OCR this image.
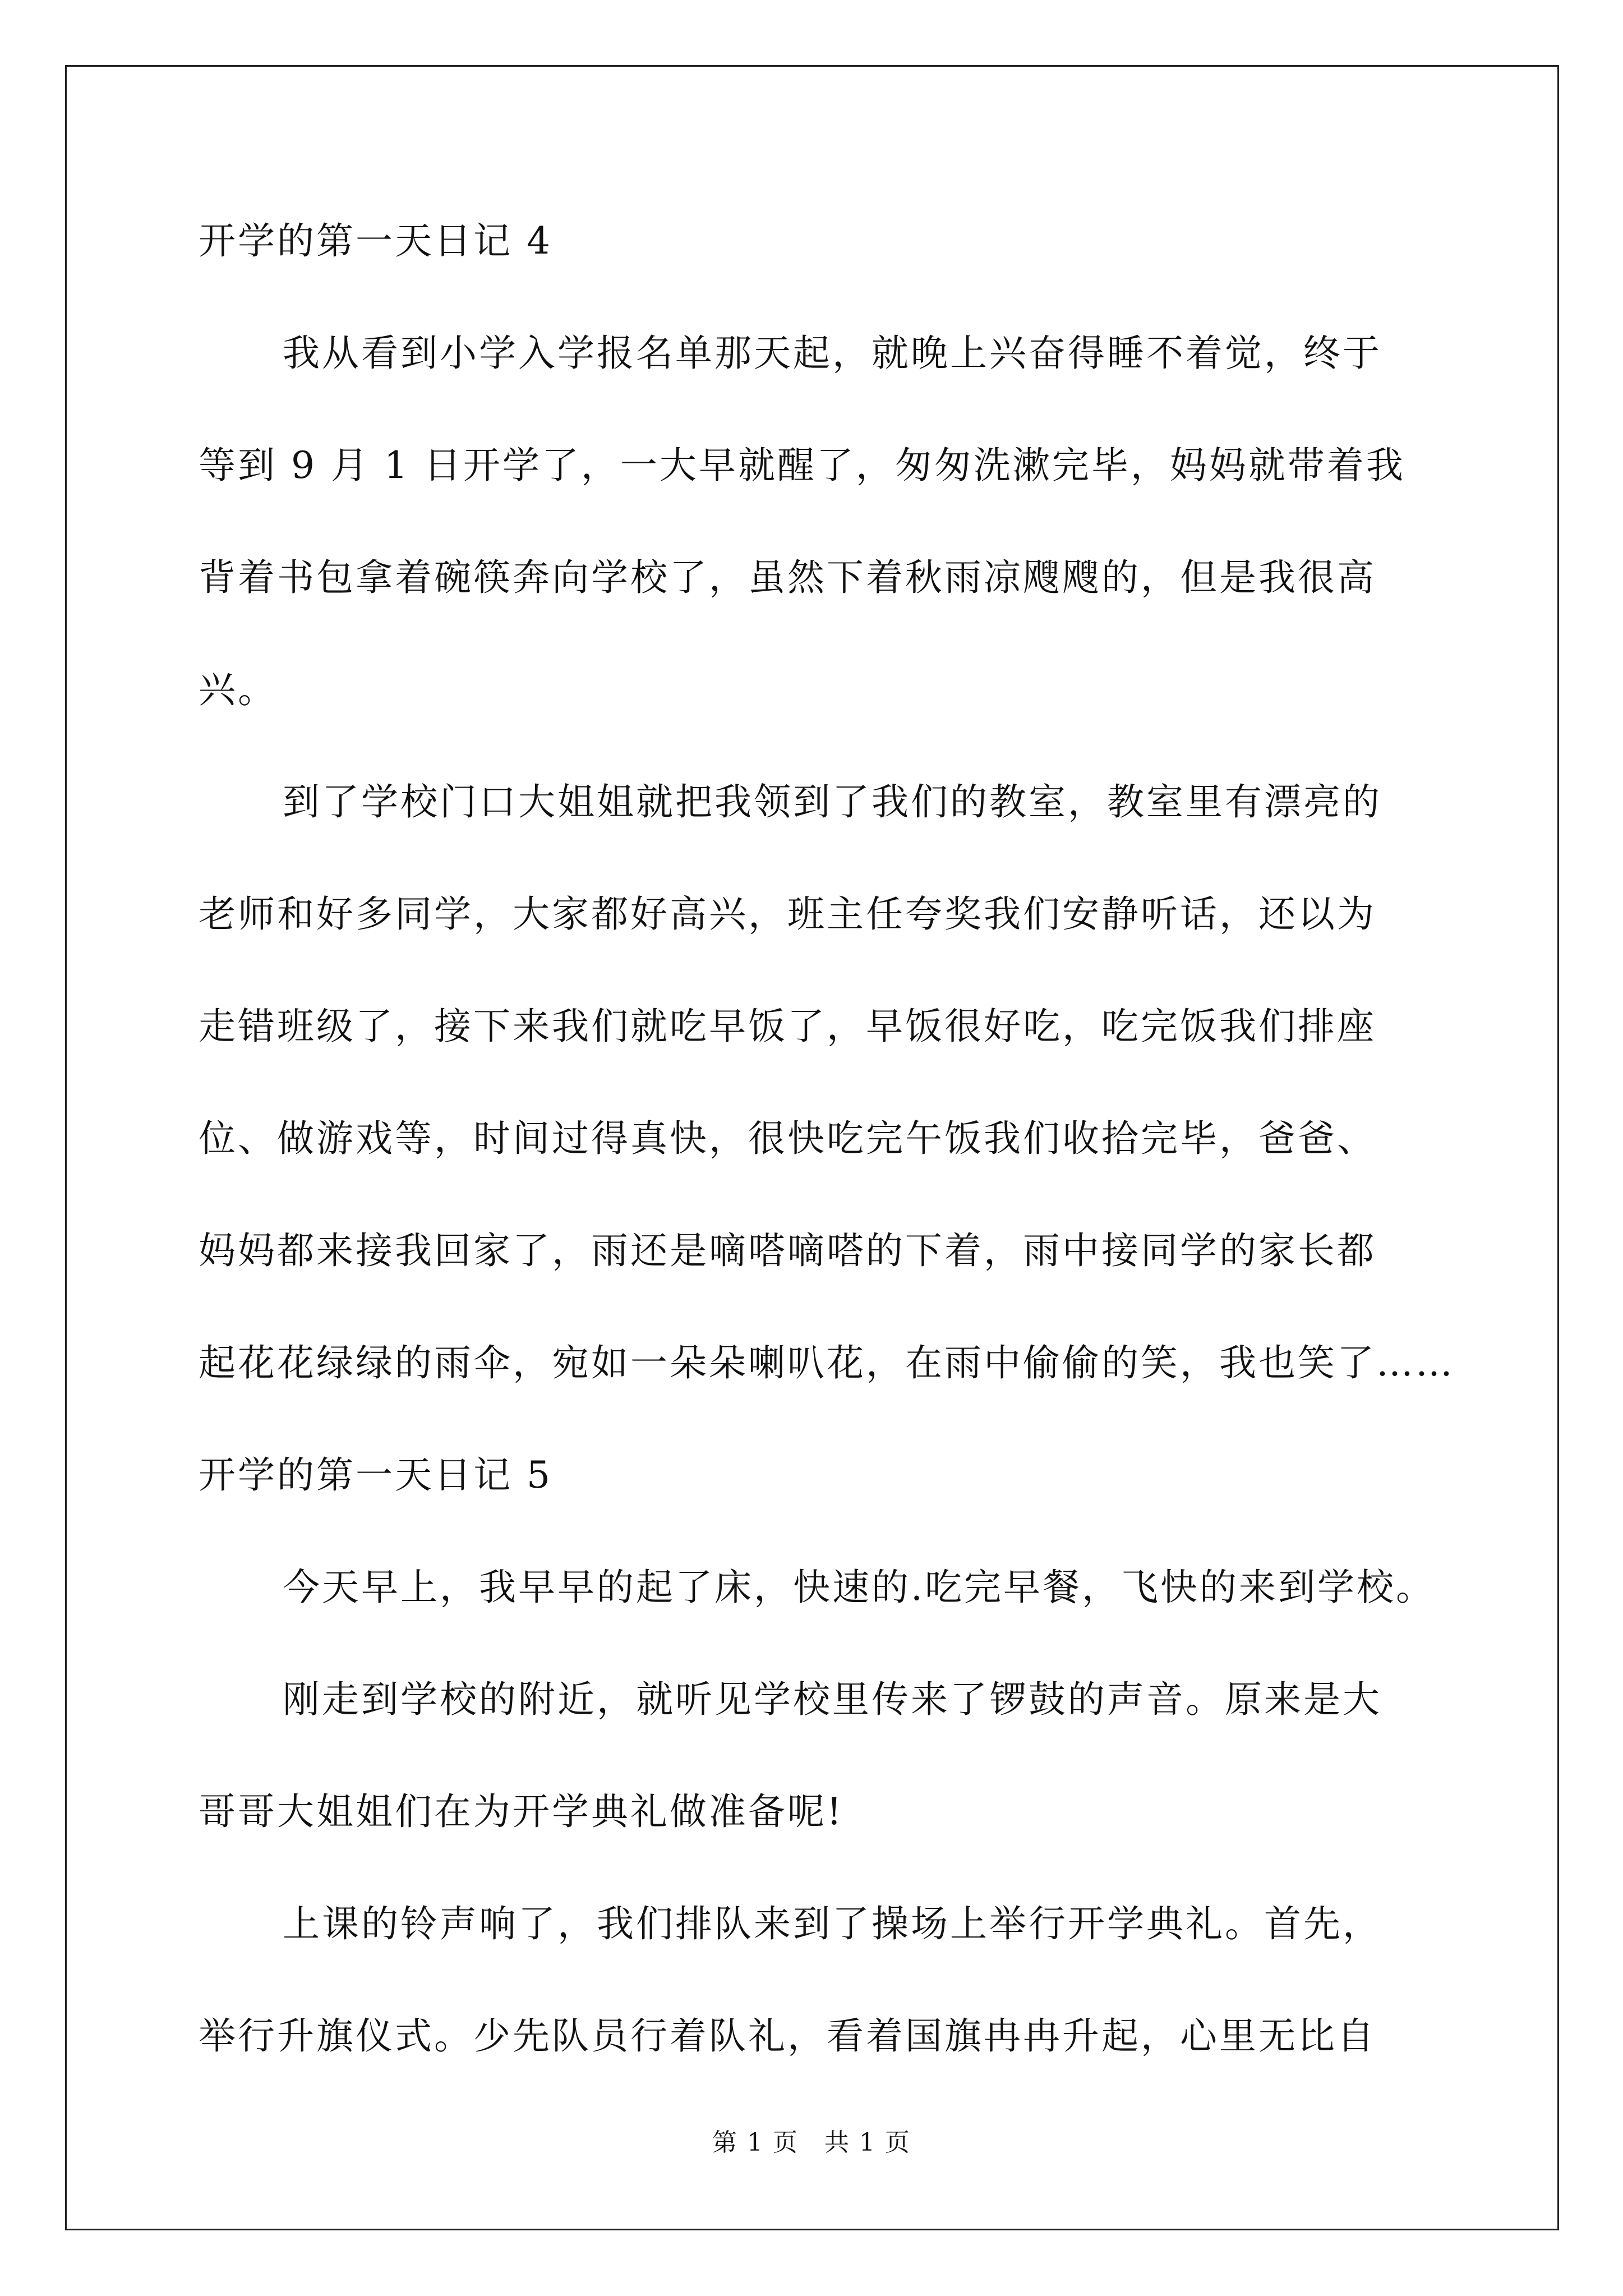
开学的第一天日记 4
我从看到小学入学报名单那天起，就晚上兴奋得睡不着觉，终于
等到 9 月 1 日开学了，一大早就醒了，匆匆洗漱完毕，妈妈就带着我
背着书包拿着碗筷奔向学校了，虽然下着秋雨凉飕飕的，但是我很高
兴。
到了学校门口大姐姐就把我领到了我们的教室，教室里有漂亮的
老师和好多同学，大家都好高兴，班主任夸奖我们安静听话，还以为
走错班级了，接下来我们就吃早饭了，早饭很好吃，吃完饭我们排座
位、做游戏等，时间过得真快，很快吃完午饭我们收拾完毕，爸爸、
妈妈都来接我回家了，雨还是嘀嗒嘀嗒的下着，雨中接同学的家长都
起花花绿绿的雨伞，宛如一朵朵喇叭花，在雨中偷偷的笑，我也笑了……
开学的第一天日记 5
今天早上，我早早的起了床，快速的.吃完早餐，飞快的来到学校。
刚走到学校的附近，就听见学校里传来了锣鼓的声音。原来是大
哥哥大姐姐们在为开学典礼做准备呢!
上课的铃声响了，我们排队来到了操场上举行开学典礼。首先，
举行升旗仪式。少先队员行着队礼，看着国旗冉冉升起，心里无比自
第 1 页　共 1 页
